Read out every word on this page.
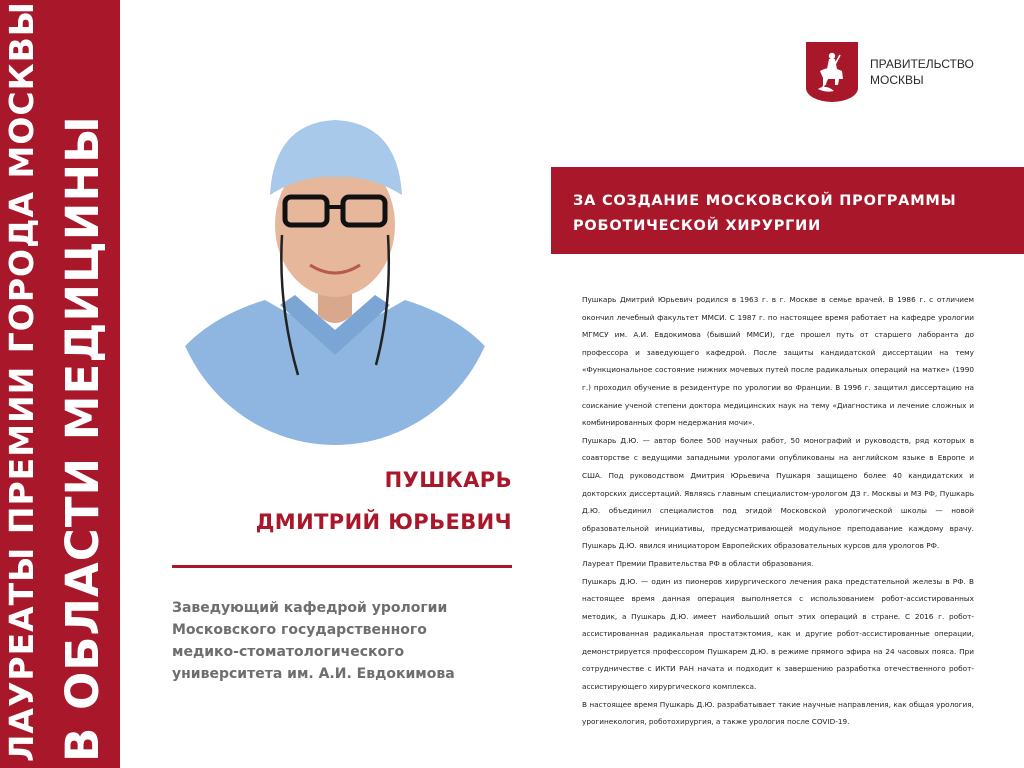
ЛАУРЕАТЫ ПРЕМИИ ГОРОДА МОСКВЫ В ОБЛАСТИ МЕДИЦИНЫ
ПРАВИТЕЛЬСТВО
МОСКВЫ
ЗА СОЗДАНИЕ МОСКОВСКОЙ ПРОГРАММЫ
РОБОТИЧЕСКОЙ ХИРУРГИИ
ПУШКАРЬ
ДМИТРИЙ ЮРЬЕВИЧ
Заведующий кафедрой урологии
Московского государственного
медико-стоматологического
университета им. А.И. Евдокимова

Пушкарь Дмитрий Юрьевич родился в 1963 г. в г. Москве в семье врачей. В 1986 г. с отличием окончил лечебный факультет ММСИ. С 1987 г. по настоящее время работает на кафедре урологии МГМСУ им. А.И. Евдокимова (бывший ММСИ), где прошел путь от старшего лаборанта до профессора и заведующего кафедрой. После защиты кандидатской диссертации на тему «Функциональное состояние нижних мочевых путей после радикальных операций на матке» (1990 г.) проходил обучение в резидентуре по урологии во Франции. В 1996 г. защитил диссертацию на соискание ученой степени доктора медицинских наук на тему «Диагностика и лечение сложных и комбинированных форм недержания мочи».

Пушкарь Д.Ю. — автор более 500 научных работ, 50 монографий и руководств, ряд которых в соавторстве с ведущими западными урологами опубликованы на английском языке в Европе и США. Под руководством Дмитрия Юрьевича Пушкаря защищено более 40 кандидатских и докторских диссертаций. Являясь главным специалистом-урологом ДЗ г. Москвы и МЗ РФ, Пушкарь Д.Ю. объединил специалистов под эгидой Московской урологической школы — новой образовательной инициативы, предусматривающей модульное преподавание каждому врачу. Пушкарь Д.Ю. явился инициатором Европейских образовательных курсов для урологов РФ.

Лауреат Премии Правительства РФ в области образования.

Пушкарь Д.Ю. — один из пионеров хирургического лечения рака предстательной железы в РФ. В настоящее время данная операция выполняется с использованием робот-ассистированных методик, а Пушкарь Д.Ю. имеет наибольший опыт этих операций в стране. С 2016 г. робот-ассистированная радикальная простатэктомия, как и другие робот-ассистированные операции, демонстрируется профессором Пушкарем Д.Ю. в режиме прямого эфира на 24 часовых пояса. При сотрудничестве с ИКТИ РАН начата и подходит к завершению разработка отечественного робот-ассистирующего хирургического комплекса.

В настоящее время Пушкарь Д.Ю. разрабатывает такие научные направления, как общая урология, урогинекология, роботохирургия, а также урология после COVID-19.
